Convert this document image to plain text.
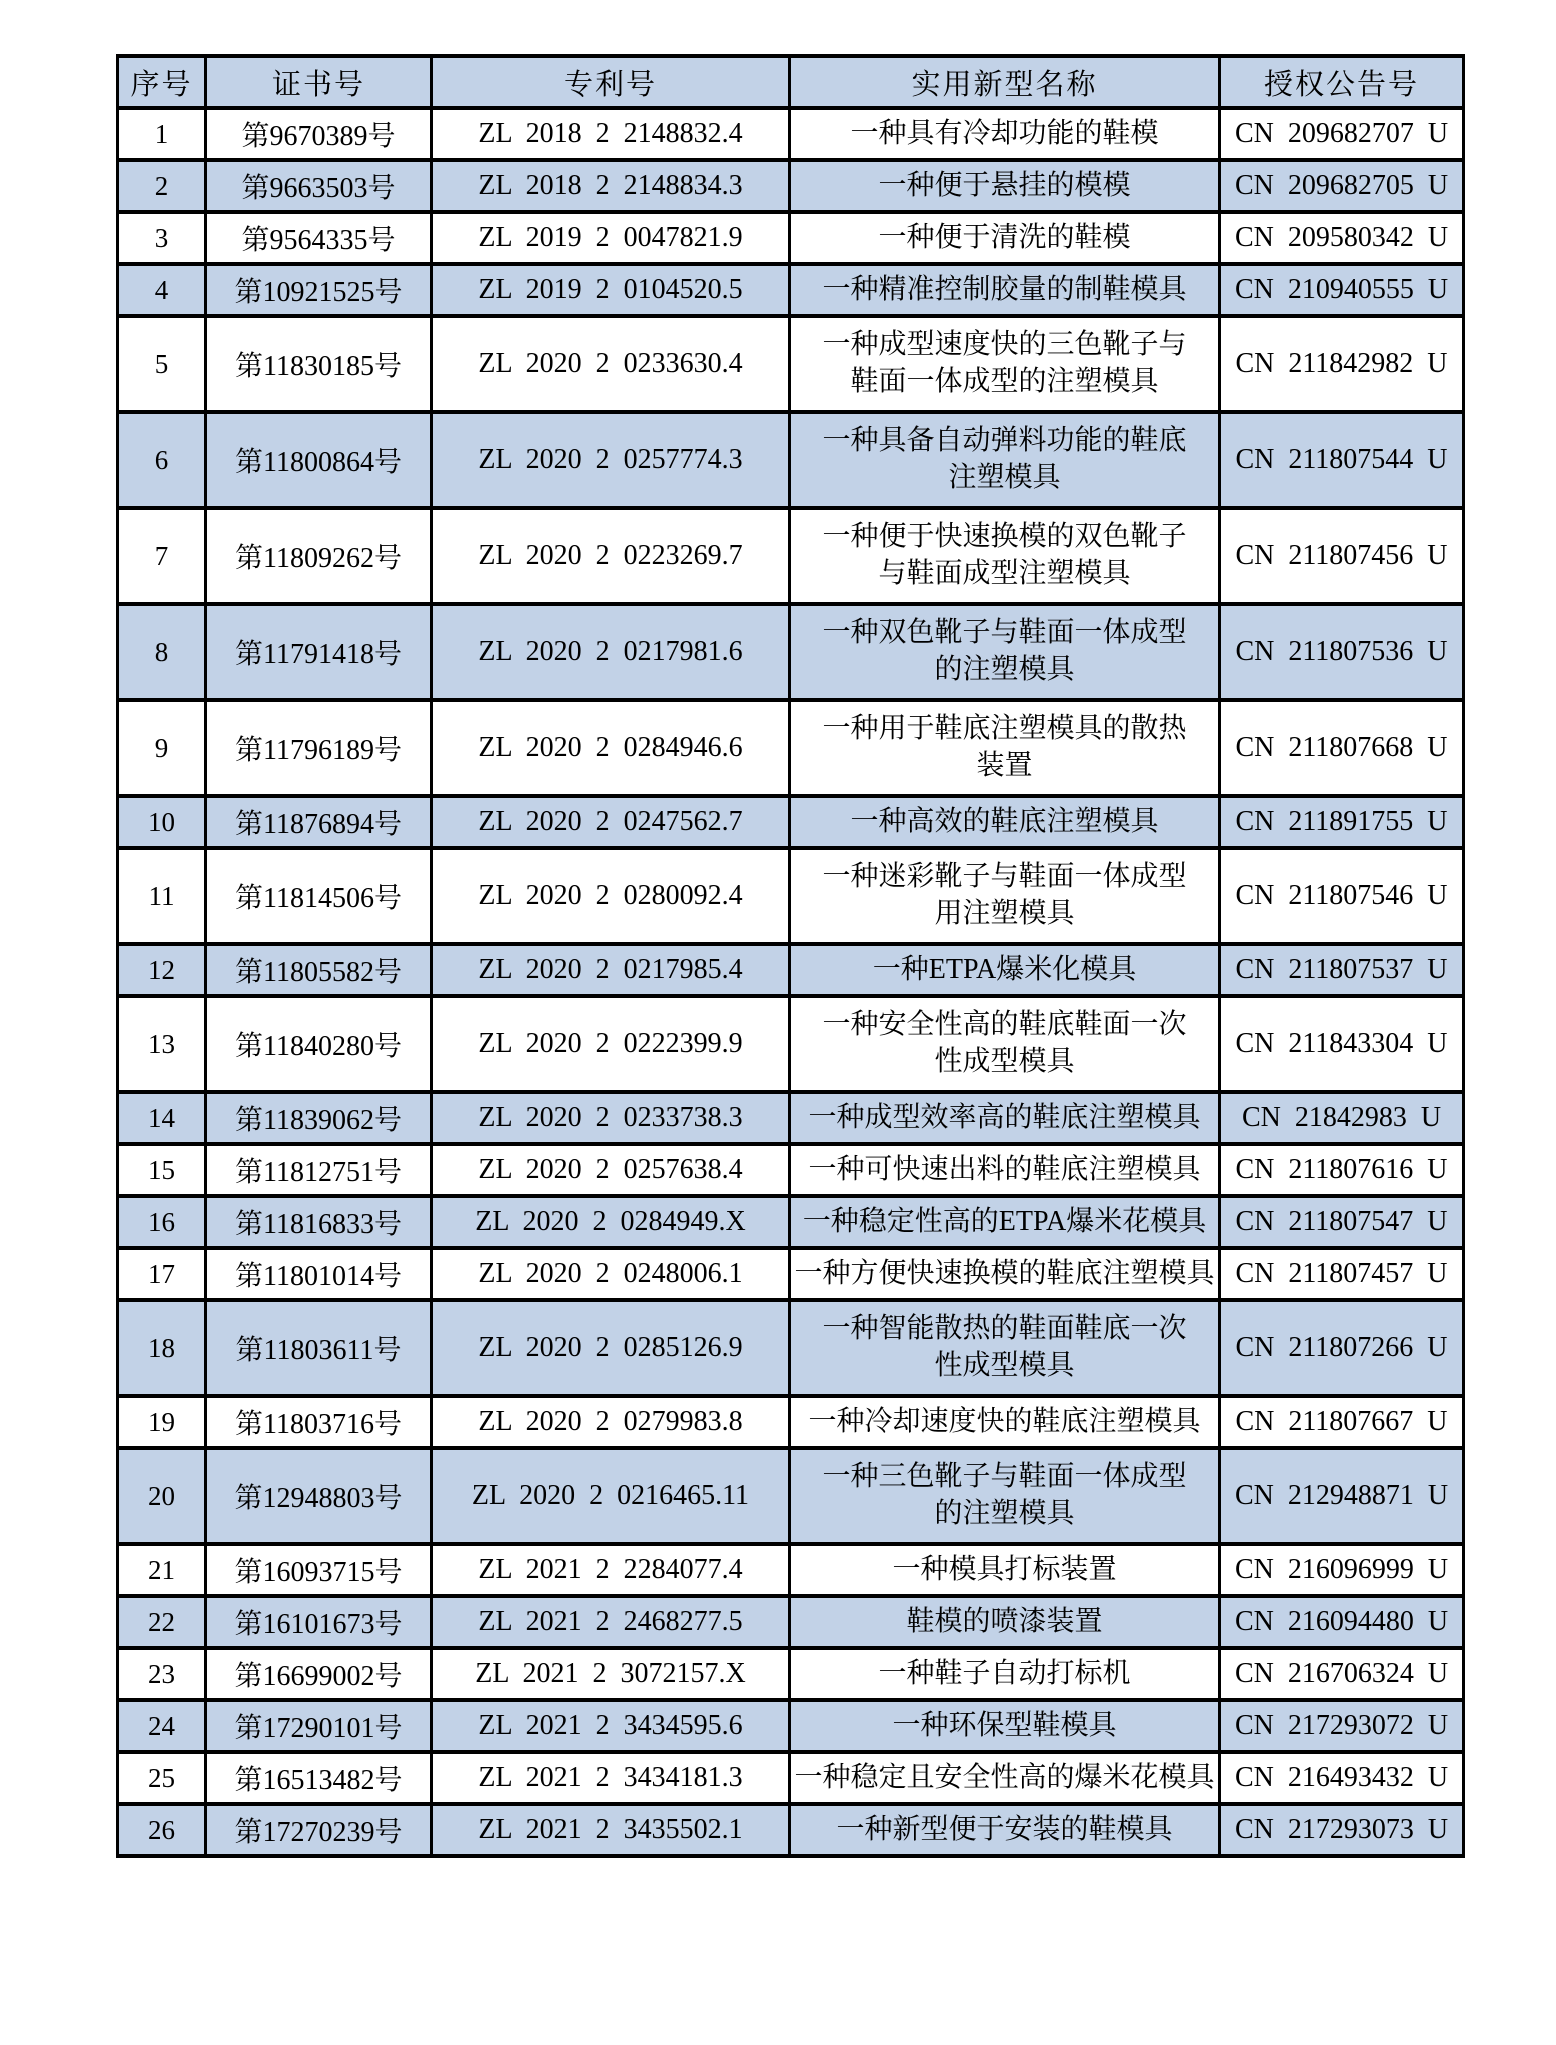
序号	证书号	专利号	实用新型名称	授权公告号
1	第9670389号	ZL  2018  2  2148832.4	一种具有冷却功能的鞋模	CN  209682707  U
2	第9663503号	ZL  2018  2  2148834.3	一种便于悬挂的模模	CN  209682705  U
3	第9564335号	ZL  2019  2  0047821.9	一种便于清洗的鞋模	CN  209580342  U
4	第10921525号	ZL  2019  2  0104520.5	一种精准控制胶量的制鞋模具	CN  210940555  U
5	第11830185号	ZL  2020  2  0233630.4	一种成型速度快的三色靴子与鞋面一体成型的注塑模具	CN  211842982  U
6	第11800864号	ZL  2020  2  0257774.3	一种具备自动弹料功能的鞋底注塑模具	CN  211807544  U
7	第11809262号	ZL  2020  2  0223269.7	一种便于快速换模的双色靴子与鞋面成型注塑模具	CN  211807456  U
8	第11791418号	ZL  2020  2  0217981.6	一种双色靴子与鞋面一体成型的注塑模具	CN  211807536  U
9	第11796189号	ZL  2020  2  0284946.6	一种用于鞋底注塑模具的散热装置	CN  211807668  U
10	第11876894号	ZL  2020  2  0247562.7	一种高效的鞋底注塑模具	CN  211891755  U
11	第11814506号	ZL  2020  2  0280092.4	一种迷彩靴子与鞋面一体成型用注塑模具	CN  211807546  U
12	第11805582号	ZL  2020  2  0217985.4	一种ETPA爆米化模具	CN  211807537  U
13	第11840280号	ZL  2020  2  0222399.9	一种安全性高的鞋底鞋面一次性成型模具	CN  211843304  U
14	第11839062号	ZL  2020  2  0233738.3	一种成型效率高的鞋底注塑模具	CN  21842983  U
15	第11812751号	ZL  2020  2  0257638.4	一种可快速出料的鞋底注塑模具	CN  211807616  U
16	第11816833号	ZL  2020  2  0284949.X	一种稳定性高的ETPA爆米花模具	CN  211807547  U
17	第11801014号	ZL  2020  2  0248006.1	一种方便快速换模的鞋底注塑模具	CN  211807457  U
18	第11803611号	ZL  2020  2  0285126.9	一种智能散热的鞋面鞋底一次性成型模具	CN  211807266  U
19	第11803716号	ZL  2020  2  0279983.8	一种冷却速度快的鞋底注塑模具	CN  211807667  U
20	第12948803号	ZL  2020  2  0216465.11	一种三色靴子与鞋面一体成型的注塑模具	CN  212948871  U
21	第16093715号	ZL  2021  2  2284077.4	一种模具打标装置	CN  216096999  U
22	第16101673号	ZL  2021  2  2468277.5	鞋模的喷漆装置	CN  216094480  U
23	第16699002号	ZL  2021  2  3072157.X	一种鞋子自动打标机	CN  216706324  U
24	第17290101号	ZL  2021  2  3434595.6	一种环保型鞋模具	CN  217293072  U
25	第16513482号	ZL  2021  2  3434181.3	一种稳定且安全性高的爆米花模具	CN  216493432  U
26	第17270239号	ZL  2021  2  3435502.1	一种新型便于安装的鞋模具	CN  217293073  U
